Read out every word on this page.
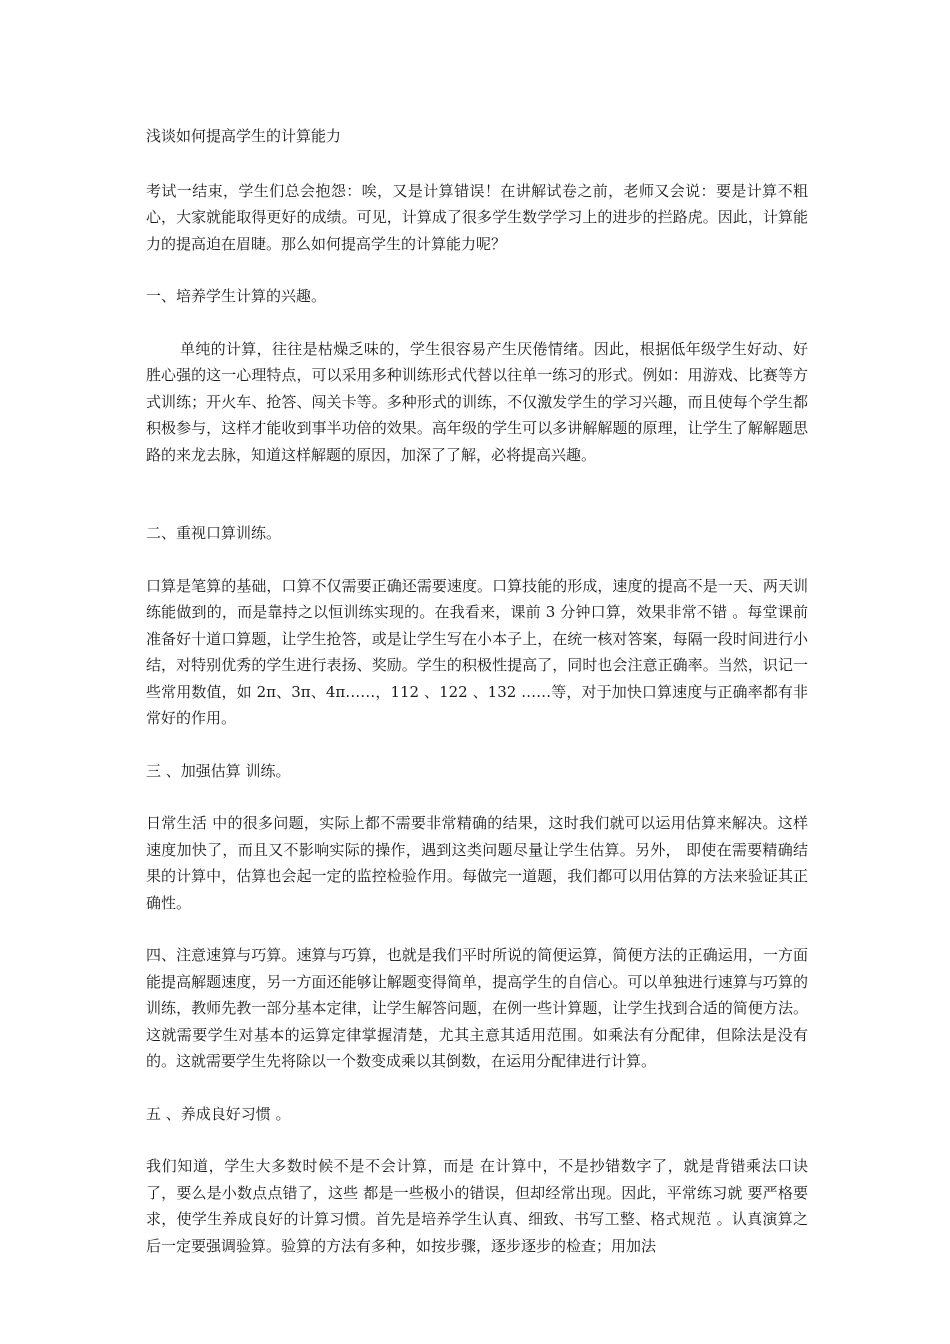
浅谈如何提高学生的计算能力

考试一结束，学生们总会抱怨：唉，又是计算错误！在讲解试卷之前，老师又会说：要是计算不粗心，大家就能取得更好的成绩。可见，计算成了很多学生数学学习上的进步的拦路虎。因此，计算能力的提高迫在眉睫。那么如何提高学生的计算能力呢？

一、培养学生计算的兴趣。

单纯的计算，往往是枯燥乏味的，学生很容易产生厌倦情绪。因此，根据低年级学生好动、好胜心强的这一心理特点，可以采用多种训练形式代替以往单一练习的形式。例如：用游戏、比赛等方式训练；开火车、抢答、闯关卡等。多种形式的训练，不仅激发学生的学习兴趣，而且使每个学生都积极参与，这样才能收到事半功倍的效果。高年级的学生可以多讲解解题的原理，让学生了解解题思路的来龙去脉，知道这样解题的原因，加深了了解，必将提高兴趣。

二、重视口算训练。

口算是笔算的基础，口算不仅需要正确还需要速度。口算技能的形成，速度的提高不是一天、两天训练能做到的，而是靠持之以恒训练实现的。在我看来，课前 3 分钟口算，效果非常不错 。每堂课前准备好十道口算题，让学生抢答，或是让学生写在小本子上，在统一核对答案，每隔一段时间进行小结，对特别优秀的学生进行表扬、奖励。学生的积极性提高了，同时也会注意正确率。当然，识记一些常用数值，如 2π、3π、4π……，112 、122 、132 ……等，对于加快口算速度与正确率都有非常好的作用。

三 、加强估算 训练。

日常生活 中的很多问题，实际上都不需要非常精确的结果，这时我们就可以运用估算来解决。这样速度加快了，而且又不影响实际的操作，遇到这类问题尽量让学生估算。另外， 即使在需要精确结果的计算中，估算也会起一定的监控检验作用。每做完一道题，我们都可以用估算的方法来验证其正确性。

四、注意速算与巧算。速算与巧算，也就是我们平时所说的简便运算，简便方法的正确运用，一方面能提高解题速度，另一方面还能够让解题变得简单，提高学生的自信心。可以单独进行速算与巧算的训练，教师先教一部分基本定律，让学生解答问题，在例一些计算题，让学生找到合适的简便方法。这就需要学生对基本的运算定律掌握清楚，尤其主意其适用范围。如乘法有分配律，但除法是没有的。这就需要学生先将除以一个数变成乘以其倒数，在运用分配律进行计算。

五 、养成良好习惯 。

我们知道，学生大多数时候不是不会计算，而是 在计算中，不是抄错数字了，就是背错乘法口诀了，要么是小数点点错了，这些 都是一些极小的错误，但却经常出现。因此，平常练习就 要严格要求，使学生养成良好的计算习惯。首先是培养学生认真、细致、书写工整、格式规范 。认真演算之后一定要强调验算。验算的方法有多种，如按步骤，逐步逐步的检查；用加法
